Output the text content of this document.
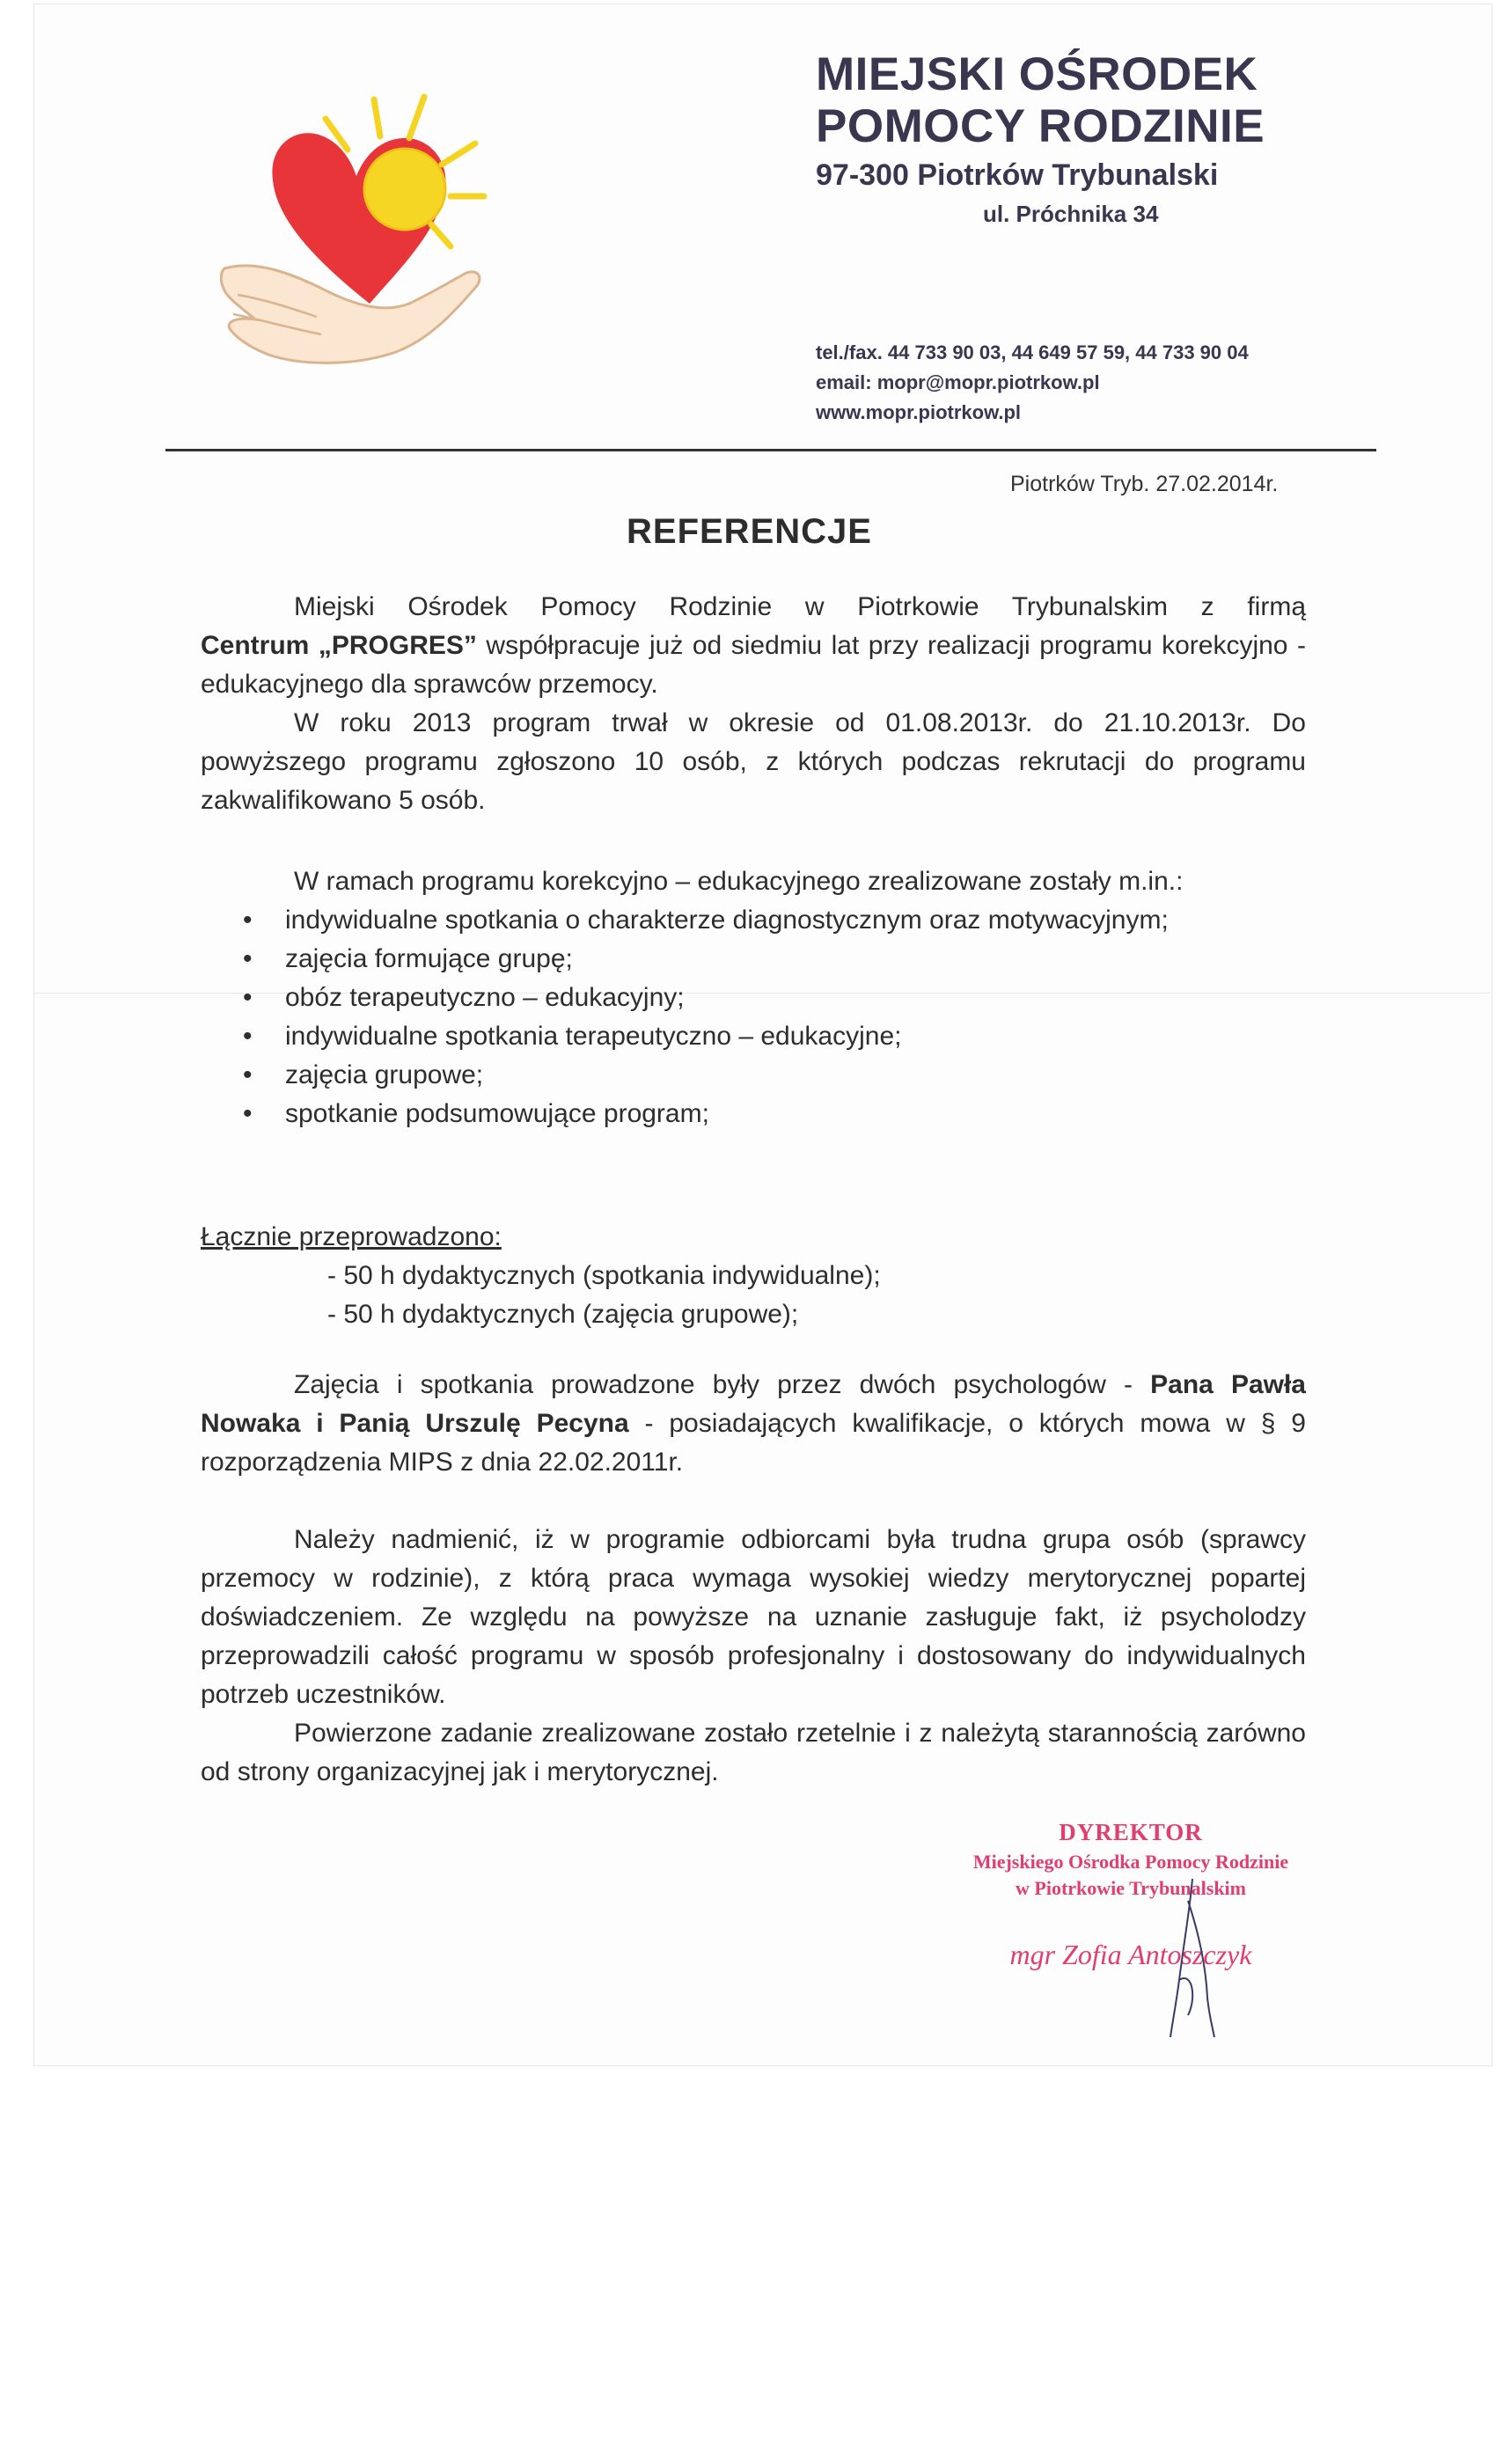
MIEJSKI OŚRODEK
POMOCY RODZINIE
97-300 Piotrków Trybunalski
ul. Próchnika 34
tel./fax. 44 733 90 03, 44 649 57 59, 44 733 90 04
email: mopr@mopr.piotrkow.pl
www.mopr.piotrkow.pl
Piotrków Tryb. 27.02.2014r.
REFERENCJE
Miejski Ośrodek Pomocy Rodzinie w Piotrkowie Trybunalskim z firmą
Centrum „PROGRES” współpracuje już od siedmiu lat przy realizacji programu korekcyjno - edukacyjnego dla sprawców przemocy.
W roku 2013 program trwał w okresie od 01.08.2013r. do 21.10.2013r. Do powyższego programu zgłoszono 10 osób, z których podczas rekrutacji do programu zakwalifikowano 5 osób.
W ramach programu korekcyjno – edukacyjnego zrealizowane zostały m.in.:
• indywidualne spotkania o charakterze diagnostycznym oraz motywacyjnym;
• zajęcia formujące grupę;
• obóz terapeutyczno – edukacyjny;
• indywidualne spotkania terapeutyczno – edukacyjne;
• zajęcia grupowe;
• spotkanie podsumowujące program;
Łącznie przeprowadzono:
- 50 h dydaktycznych (spotkania indywidualne);
- 50 h dydaktycznych (zajęcia grupowe);
Zajęcia i spotkania prowadzone były przez dwóch psychologów - Pana Pawła Nowaka i Panią Urszulę Pecyna - posiadających kwalifikacje, o których mowa w § 9 rozporządzenia MIPS z dnia 22.02.2011r.
Należy nadmienić, iż w programie odbiorcami była trudna grupa osób (sprawcy przemocy w rodzinie), z którą praca wymaga wysokiej wiedzy merytorycznej popartej doświadczeniem. Ze względu na powyższe na uznanie zasługuje fakt, iż psycholodzy przeprowadzili całość programu w sposób profesjonalny i dostosowany do indywidualnych potrzeb uczestników.
Powierzone zadanie zrealizowane zostało rzetelnie i z należytą starannością zarówno od strony organizacyjnej jak i merytorycznej.
DYREKTOR
Miejskiego Ośrodka Pomocy Rodzinie
w Piotrkowie Trybunalskim
mgr Zofia Antoszczyk
